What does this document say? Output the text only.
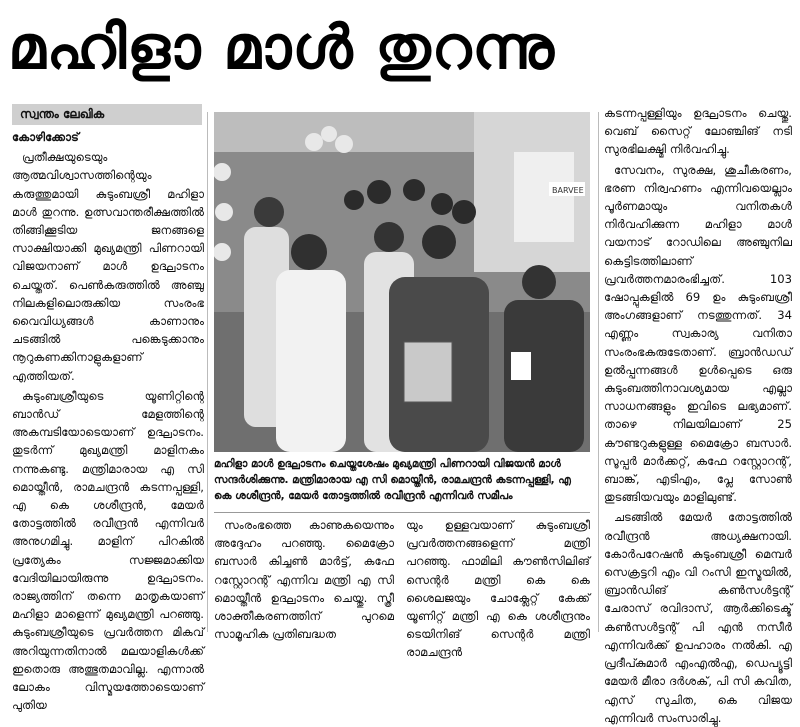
മഹിളാ മാൾ തുറന്നു
സ്വന്തം ലേഖിക

കോഴിക്കോട്

പ്രതീക്ഷയുടെയും ആത്മവിശ്വാസത്തിന്റെയും കരുത്തുമായി കുടുംബശ്രീ മഹിളാ മാൾ തുറന്നു. ഉത്സവാന്തരീക്ഷത്തിൽ തിങ്ങിക്കൂടിയ ജനങ്ങളെ സാക്ഷിയാക്കി മുഖ്യമന്ത്രി പിണറായി വിജയനാണ് മാൾ ഉദ്ഘാടനം ചെയ്തത്. പെൺകരുത്തിൽ അഞ്ചു നിലകളിലൊരുക്കിയ സംരംഭ വൈവിധ്യങ്ങൾ കാണാനും ചടങ്ങിൽ പങ്കെടുക്കാനും നൂറുകണക്കിനാളുകളാണ് എത്തിയത്.

കുടുംബശ്രീയുടെ യൂണിറ്റിന്റെ ബാൻഡ് മേളത്തിന്റെ അകമ്പടിയോടെയാണ് ഉദ്ഘാടനം. തുടർന്ന് മുഖ്യമന്ത്രി മാളിനകം നന്നുകണ്ടു. മന്ത്രിമാരായ എ സി മൊയ്തീൻ, രാമചന്ദ്രൻ കടന്നപ്പള്ളി, എ കെ ശശീന്ദ്രൻ, മേയർ തോട്ടത്തിൽ രവീന്ദ്രൻ എന്നിവർ അനുഗമിച്ചു. മാളിന് പിറകിൽ പ്രത്യേകം സജ്ജമാക്കിയ വേദിയിലായിരുന്നു ഉദ്ഘാടനം. രാജ്യത്തിന് തന്നെ മാതൃകയാണ് മഹിളാ മാളെന്ന് മുഖ്യമന്ത്രി പറഞ്ഞു. കുടുംബശ്രീയുടെ പ്രവർത്തന മികവ് അറിയുന്നതിനാൽ മലയാളികൾക്ക് ഇതൊരു അത്ഭുതമാവില്ല. എന്നാൽ ലോകം വിസ്മയത്തോടെയാണ് പുതിയ

BARVEE
മഹിളാ മാൾ ഉദ്ഘാടനം ചെയ്തശേഷം മുഖ്യമന്ത്രി പിണറായി വിജയൻ മാൾ സന്ദർശിക്കുന്നു. മന്ത്രിമാരായ എ സി മൊയ്തീൻ, രാമചന്ദ്രൻ കടന്നപ്പള്ളി, എ കെ ശശീന്ദ്രൻ, മേയർ തോട്ടത്തിൽ രവീന്ദ്രൻ എന്നിവർ സമീപം

സംരംഭത്തെ കാണുകയെന്നും അദ്ദേഹം പറഞ്ഞു. മൈക്രോ ബസാർ കിച്ചൺ മാർട്ട്, കഫേ റസ്റ്റോറന്റ് എന്നിവ മന്ത്രി എ സി മൊയ്തീൻ ഉദ്ഘാടനം ചെയ്തു. സ്ത്രീ ശാക്തീകരണത്തിന് പുറമെ സാമൂഹിക പ്രതിബദ്ധത

യും ഉള്ളവയാണ് കുടുംബശ്രീ പ്രവർത്തനങ്ങളെന്ന് മന്ത്രി പറഞ്ഞു. ഫാമിലി കൗൺസിലിങ് സെന്റർ മന്ത്രി കെ കെ ശൈലജയും ചോക്ലേറ്റ് കേക്ക് യൂണിറ്റ് മന്ത്രി എ കെ ശശീന്ദ്രനും ടെയിനിങ് സെന്റർ മന്ത്രി രാമചന്ദ്രൻ

കടന്നപ്പള്ളിയും ഉദ്ഘാടനം ചെയ്തു. വെബ് സൈറ്റ് ലോഞ്ചിങ് നടി സുരഭിലക്ഷ്മി നിർവഹിച്ചു.

സേവനം, സുരക്ഷ, ശുചീകരണം, ഭരണ നിര്വഹണം എന്നിവയെല്ലാം പൂർണമായും വനിതകൾ നിർവഹിക്കുന്ന മഹിളാ മാൾ വയനാട് റോഡിലെ അഞ്ചുനില കെട്ടിടത്തിലാണ് പ്രവർത്തനമാരംഭിച്ചത്. 103 ഷോപ്പുകളിൽ 69 ഉം കുടുംബശ്രീ അംഗങ്ങളാണ് നടത്തുന്നത്. 34 എണ്ണം സ്വകാര്യ വനിതാ സംരംഭകരുടേതാണ്. ബ്രാൻഡഡ് ഉൽപ്പന്നങ്ങൾ ഉൾപ്പെടെ ഒരു കുടുംബത്തിനാവശ്യമായ എല്ലാ സാധനങ്ങളും ഇവിടെ ലഭ്യമാണ്. താഴെ നിലയിലാണ് 25 കൗണ്ടറുകളുള്ള മൈക്രോ ബസാർ. സൂപ്പർ മാർക്കറ്റ്, കഫേ റസ്റ്റോറന്റ്, ബാങ്ക്, എടിഎം, പ്ലേ സോൺ തുടങ്ങിയവയും മാളിലുണ്ട്.

ചടങ്ങിൽ മേയർ തോട്ടത്തിൽ രവീന്ദ്രൻ അധ്യക്ഷനായി. കോർപറേഷൻ കുടുംബശ്രീ മെമ്പർ സെക്രട്ടറി എം വി റംസി ഇസ്മയിൽ, ബ്രാൻഡിങ് കൺസൾട്ടന്റ് ചേരാസ് രവിദാസ്, ആർക്കിടെക്ട് കൺസൾട്ടന്റ് പി എൻ നസീർ എന്നിവർക്ക് ഉപഹാരം നൽകി. എ പ്രദീപ്കുമാർ എംഎൽഎ, ഡെപ്യൂട്ടി മേയർ മീരാ ദർശക്, പി സി കവിത, എസ് സുചിത, കെ വിജയ എന്നിവർ സംസാരിച്ചു.
